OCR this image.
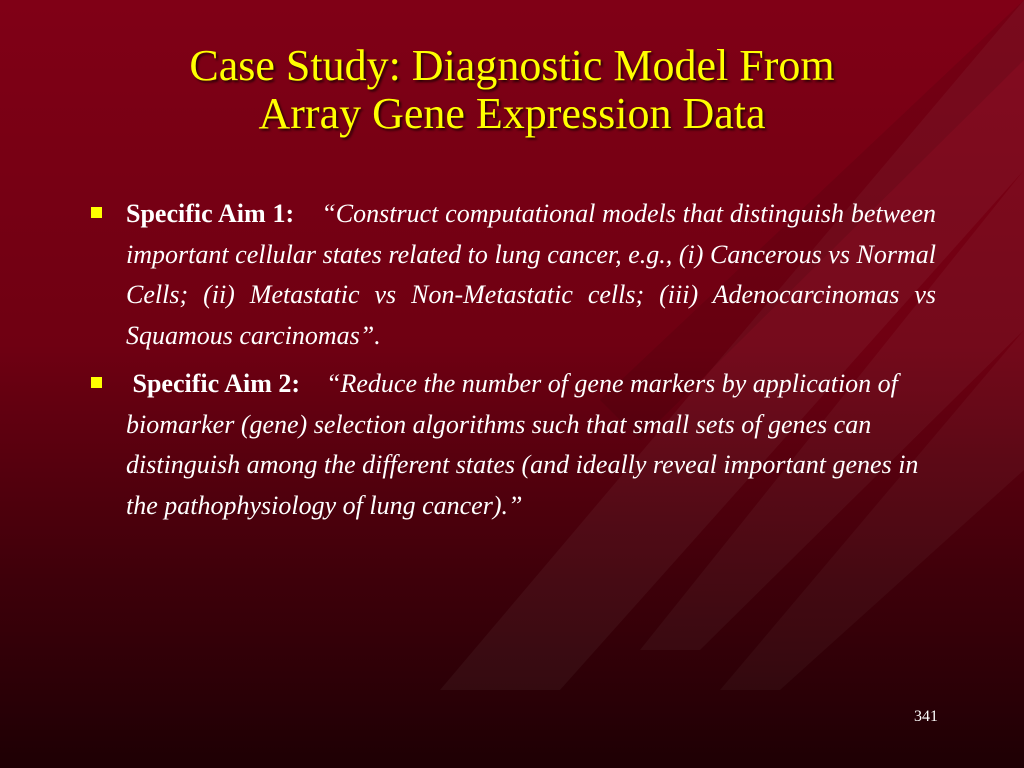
Case Study: Diagnostic Model From
Array Gene Expression Data
Specific Aim 1: “Construct computational models that distinguish between important cellular states related to lung cancer, e.g., (i) Cancerous vs Normal Cells; (ii) Metastatic vs Non-Metastatic cells; (iii) Adenocarcinomas vs Squamous carcinomas”.
Specific Aim 2: “Reduce the number of gene markers by application of biomarker (gene) selection algorithms such that small sets of genes can distinguish among the different states (and ideally reveal important genes in the pathophysiology of lung cancer).”
341
